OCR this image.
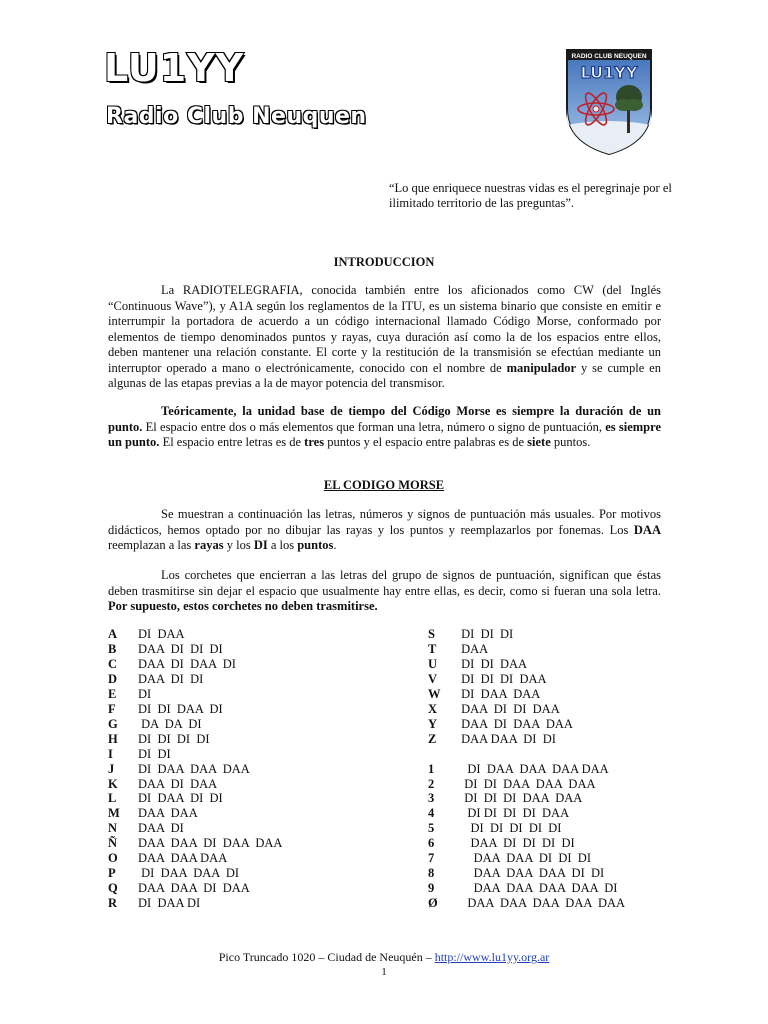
LU1YY
Radio Club Neuquen
RADIO CLUB NEUQUEN
LU1YY
“Lo que enriquece nuestras vidas es el peregrinaje por el ilimitado territorio de las preguntas”.
INTRODUCCION

La RADIOTELEGRAFIA, conocida también entre los aficionados como CW (del Inglés “Continuous Wave”), y A1A según los reglamentos de la ITU, es un sistema binario que consiste en emitir e interrumpir la portadora de acuerdo a un código internacional llamado Código Morse, conformado por elementos de tiempo denominados puntos y rayas, cuya duración así como la de los espacios entre ellos, deben mantener una relación constante. El corte y la restitución de la transmisión se efectúan mediante un interruptor operado a mano o electrónicamente, conocido con el nombre de manipulador y se cumple en algunas de las etapas previas a la de mayor potencia del transmisor.

Teóricamente, la unidad base de tiempo del Código Morse es siempre la duración de un punto. El espacio entre dos o más elementos que forman una letra, número o signo de puntuación, es siempre un punto. El espacio entre letras es de tres puntos y el espacio entre palabras es de siete puntos.

EL CODIGO MORSE

Se muestran a continuación las letras, números y signos de puntuación más usuales. Por motivos didácticos, hemos optado por no dibujar las rayas y los puntos y reemplazarlos por fonemas. Los DAA reemplazan a las rayas y los DI a los puntos.

Los corchetes que encierran a las letras del grupo de signos de puntuación, significan que éstas deben trasmitirse sin dejar el espacio que usualmente hay entre ellas, es decir, como si fueran una sola letra. Por supuesto, estos corchetes no deben trasmitirse.

A	DI  DAA
B	DAA  DI  DI  DI
C	DAA  DI  DAA  DI
D	DAA  DI  DI
E	DI
F	DI  DI  DAA  DI
G	DA  DA  DI
H	DI  DI  DI  DI
I	DI  DI
J	DI  DAA  DAA  DAA
K	DAA  DI  DAA
L	DI  DAA  DI  DI
M	DAA  DAA
N	DAA  DI
Ñ	DAA  DAA  DI  DAA  DAA
O	DAA  DAA DAA
P	DI  DAA  DAA  DI
Q	DAA  DAA  DI  DAA
R	DI  DAA DI
S	DI  DI  DI
T	DAA
U	DI  DI  DAA
V	DI  DI  DI  DAA
W	DI  DAA  DAA
X	DAA  DI  DI  DAA
Y	DAA  DI  DAA  DAA
Z	DAA DAA  DI  DI
1	DI  DAA  DAA  DAA DAA
2	DI  DI  DAA  DAA  DAA
3	DI  DI  DI  DAA  DAA
4	DI DI  DI  DI  DAA
5	DI  DI  DI  DI  DI
6	DAA  DI  DI  DI  DI
7	DAA  DAA  DI  DI  DI
8	DAA  DAA  DAA  DI  DI
9	DAA  DAA  DAA  DAA  DI
Ø	DAA  DAA  DAA  DAA  DAA
Pico Truncado 1020 – Ciudad de Neuquén – http://www.lu1yy.org.ar
1
